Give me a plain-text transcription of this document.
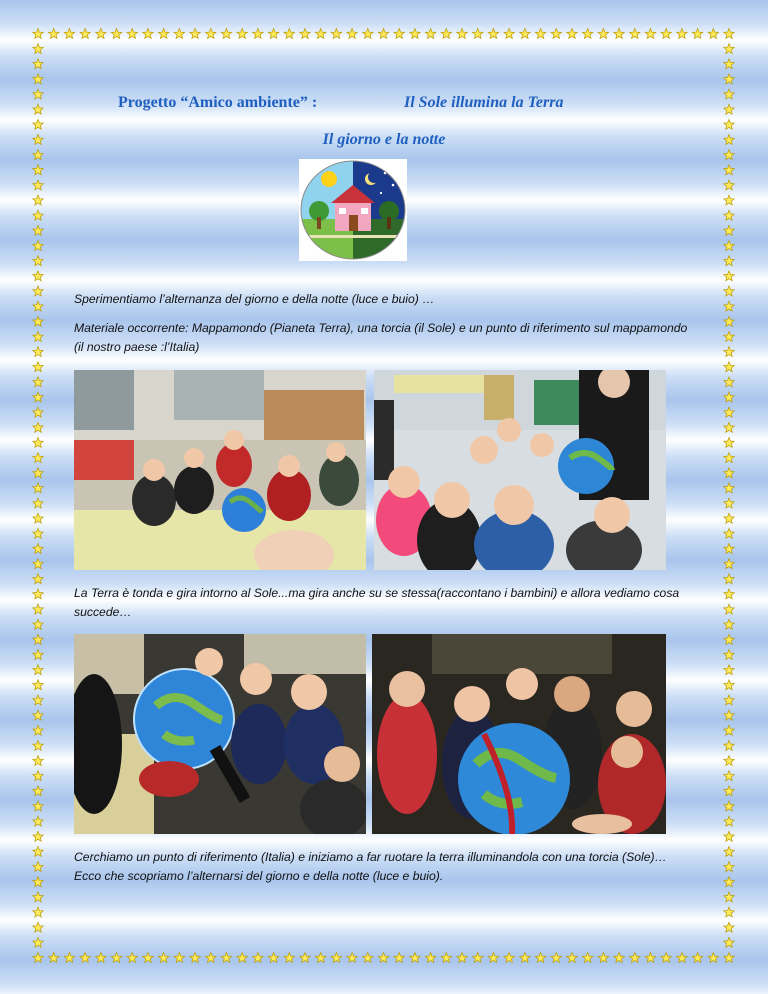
Progetto “Amico ambiente” :	Il Sole illumina la Terra
Il giorno e la notte
Sperimentiamo l’alternanza del giorno e della notte (luce e buio) …
Materiale occorrente: Mappamondo (Pianeta Terra), una torcia (il Sole) e un punto di riferimento sul mappamondo (il nostro paese :l’Italia)
La Terra è tonda e gira intorno al Sole...ma gira anche su se stessa(raccontano i bambini) e allora vediamo cosa succede…
Cerchiamo un punto di riferimento (Italia) e iniziamo a far ruotare la terra illuminandola con una torcia (Sole)… Ecco che scopriamo l’alternarsi del giorno e della notte (luce e buio).
